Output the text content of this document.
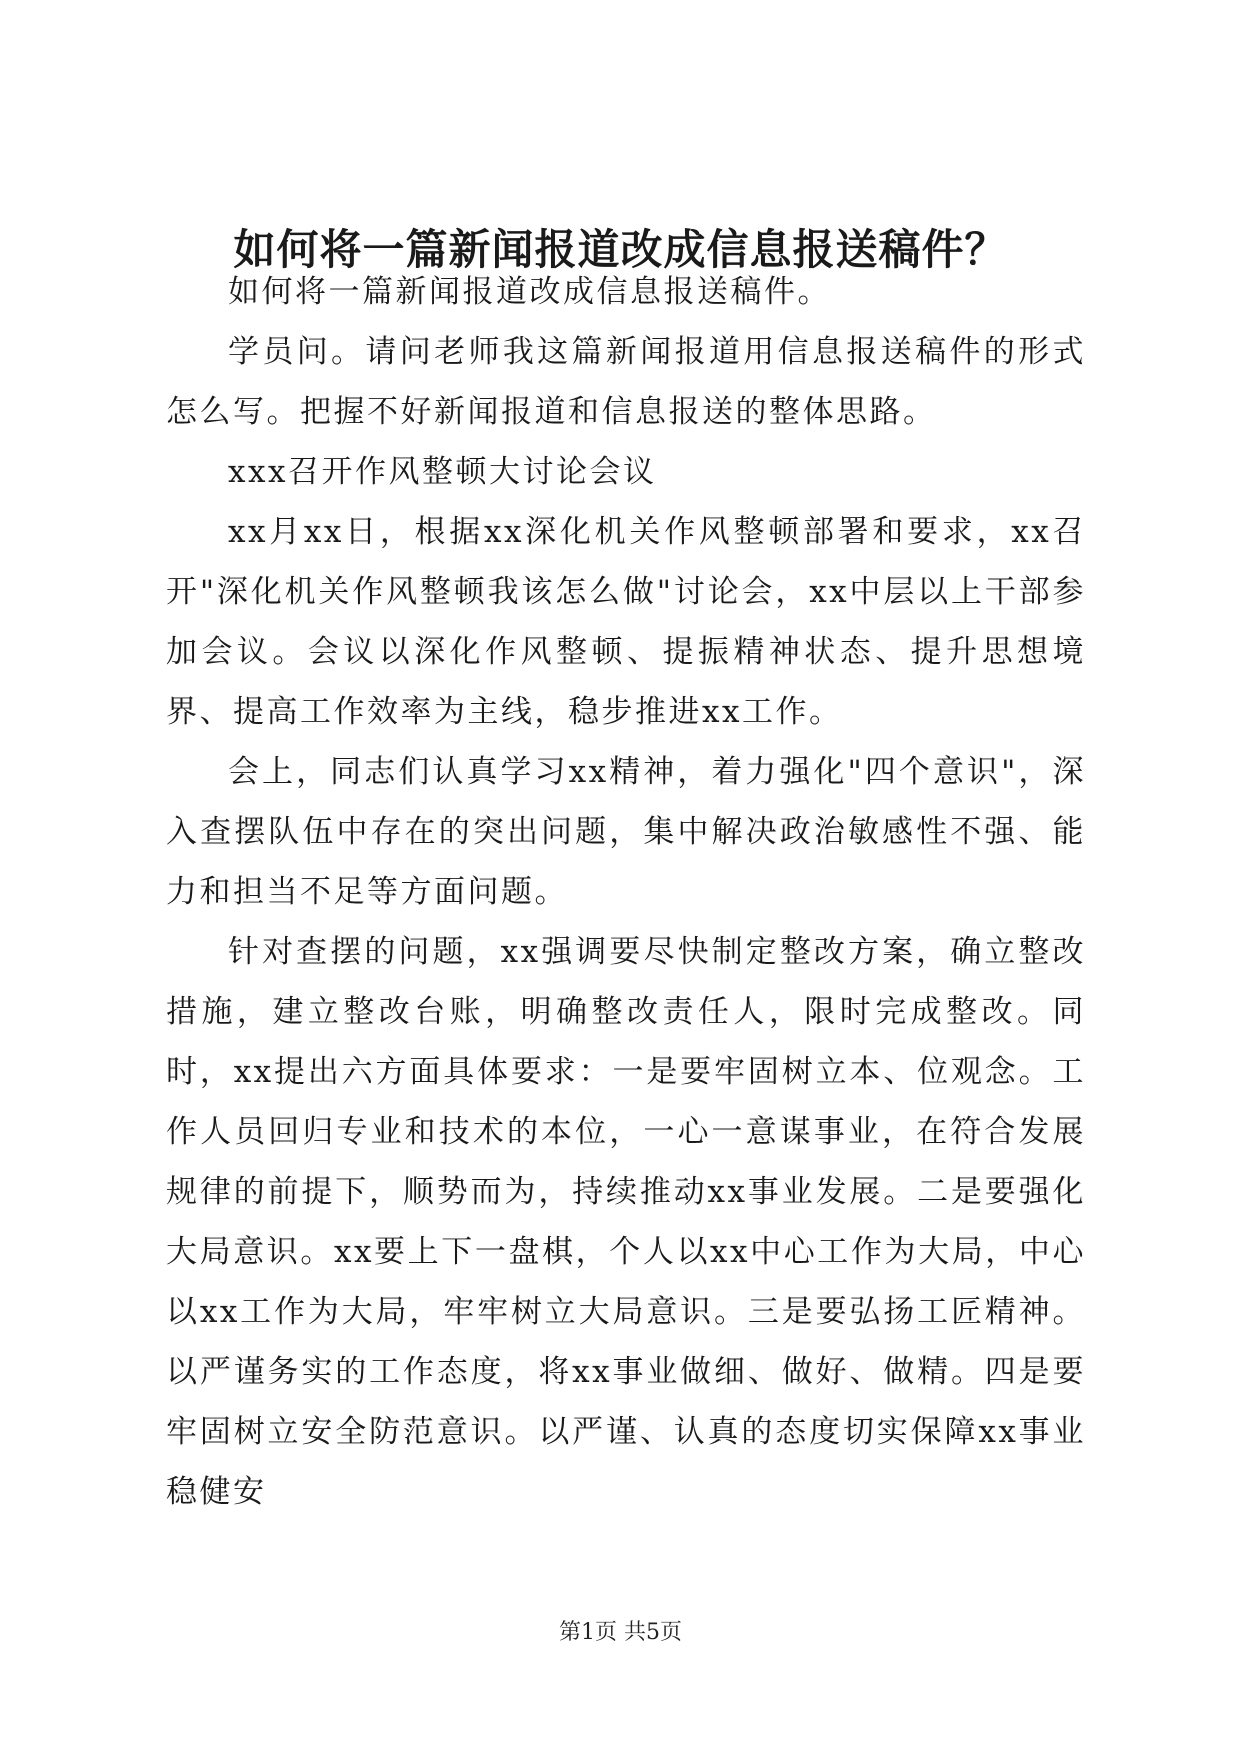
如何将一篇新闻报道改成信息报送稿件？

如何将一篇新闻报道改成信息报送稿件。

学员问。请问老师我这篇新闻报道用信息报送稿件的形式怎么写。把握不好新闻报道和信息报送的整体思路。

xxx召开作风整顿大讨论会议

xx月xx日，根据xx深化机关作风整顿部署和要求，xx召开"深化机关作风整顿我该怎么做"讨论会，xx中层以上干部参加会议。会议以深化作风整顿、提振精神状态、提升思想境界、提高工作效率为主线，稳步推进xx工作。

会上，同志们认真学习xx精神，着力强化"四个意识"，深入查摆队伍中存在的突出问题，集中解决政治敏感性不强、能力和担当不足等方面问题。

针对查摆的问题，xx强调要尽快制定整改方案，确立整改措施，建立整改台账，明确整改责任人，限时完成整改。同时，xx提出六方面具体要求：一是要牢固树立本、位观念。工作人员回归专业和技术的本位，一心一意谋事业，在符合发展规律的前提下，顺势而为，持续推动xx事业发展。二是要强化大局意识。xx要上下一盘棋，个人以xx中心工作为大局，中心以xx工作为大局，牢牢树立大局意识。三是要弘扬工匠精神。以严谨务实的工作态度，将xx事业做细、做好、做精。四是要牢固树立安全防范意识。以严谨、认真的态度切实保障xx事业稳健安

第1页 共5页
